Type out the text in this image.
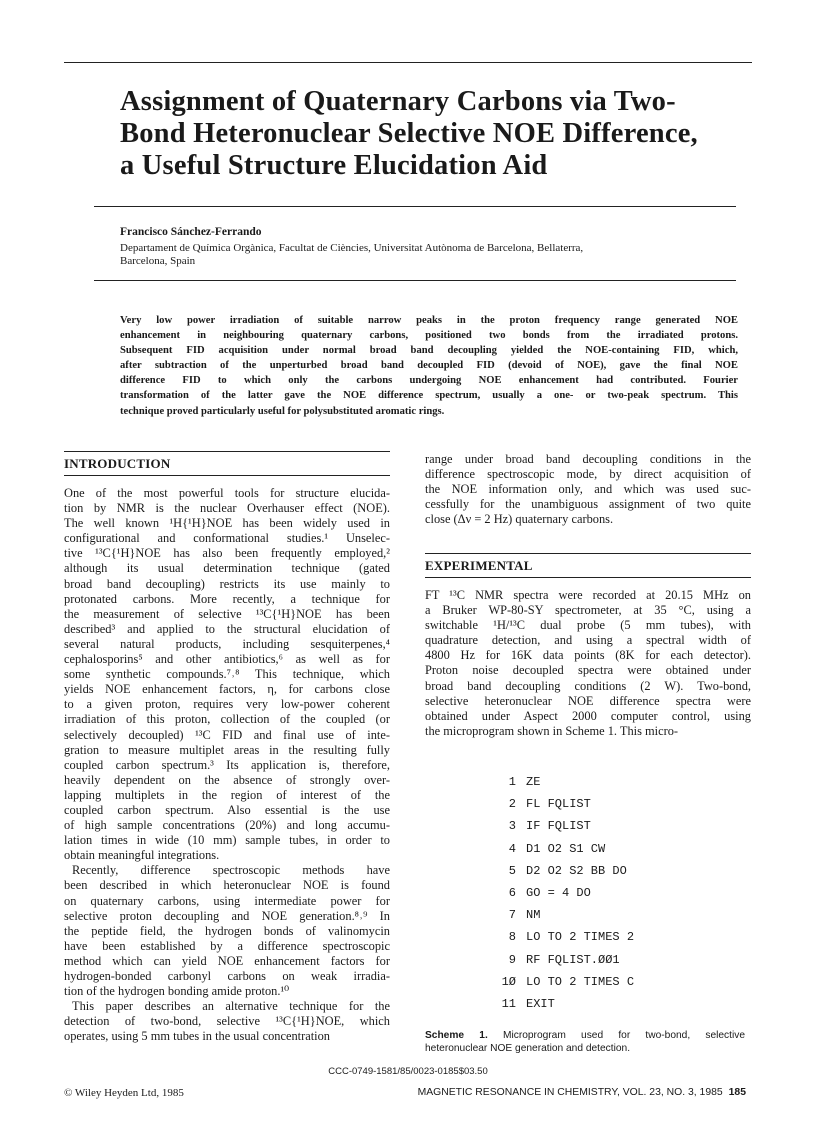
Assignment of Quaternary Carbons via Two-
Bond Heteronuclear Selective NOE Difference,
a Useful Structure Elucidation Aid
Francisco Sánchez-Ferrando
Departament de Química Orgànica, Facultat de Ciències, Universitat Autònoma de Barcelona, Bellaterra,
Barcelona, Spain
Very low power irradiation of suitable narrow peaks in the proton frequency range generated NOE
enhancement in neighbouring quaternary carbons, positioned two bonds from the irradiated protons.
Subsequent FID acquisition under normal broad band decoupling yielded the NOE-containing FID, which,
after subtraction of the unperturbed broad band decoupled FID (devoid of NOE), gave the final NOE
difference FID to which only the carbons undergoing NOE enhancement had contributed. Fourier
transformation of the latter gave the NOE difference spectrum, usually a one- or two-peak spectrum. This
technique proved particularly useful for polysubstituted aromatic rings.
INTRODUCTION
One of the most powerful tools for structure elucida-
tion by NMR is the nuclear Overhauser effect (NOE).
The well known ¹H{¹H}NOE has been widely used in
configurational and conformational studies.¹ Unselec-
tive ¹³C{¹H}NOE has also been frequently employed,²
although its usual determination technique (gated
broad band decoupling) restricts its use mainly to
protonated carbons. More recently, a technique for
the measurement of selective ¹³C{¹H}NOE has been
described³ and applied to the structural elucidation of
several natural products, including sesquiterpenes,⁴
cephalosporins⁵ and other antibiotics,⁶ as well as for
some synthetic compounds.⁷˒⁸ This technique, which
yields NOE enhancement factors, η, for carbons close
to a given proton, requires very low-power coherent
irradiation of this proton, collection of the coupled (or
selectively decoupled) ¹³C FID and final use of inte-
gration to measure multiplet areas in the resulting fully
coupled carbon spectrum.³ Its application is, therefore,
heavily dependent on the absence of strongly over-
lapping multiplets in the region of interest of the
coupled carbon spectrum. Also essential is the use
of high sample concentrations (20%) and long accumu-
lation times in wide (10 mm) sample tubes, in order to
obtain meaningful integrations.
Recently, difference spectroscopic methods have
been described in which heteronuclear NOE is found
on quaternary carbons, using intermediate power for
selective proton decoupling and NOE generation.⁸˒⁹ In
the peptide field, the hydrogen bonds of valinomycin
have been established by a difference spectroscopic
method which can yield NOE enhancement factors for
hydrogen-bonded carbonyl carbons on weak irradia-
tion of the hydrogen bonding amide proton.¹⁰
This paper describes an alternative technique for the
detection of two-bond, selective ¹³C{¹H}NOE, which
operates, using 5 mm tubes in the usual concentration
range under broad band decoupling conditions in the
difference spectroscopic mode, by direct acquisition of
the NOE information only, and which was used suc-
cessfully for the unambiguous assignment of two quite
close (Δν = 2 Hz) quaternary carbons.
EXPERIMENTAL
FT ¹³C NMR spectra were recorded at 20.15 MHz on
a Bruker WP-80-SY spectrometer, at 35 °C, using a
switchable ¹H/¹³C dual probe (5 mm tubes), with
quadrature detection, and using a spectral width of
4800 Hz for 16K data points (8K for each detector).
Proton noise decoupled spectra were obtained under
broad band decoupling conditions (2 W). Two-bond,
selective heteronuclear NOE difference spectra were
obtained under Aspect 2000 computer control, using
the microprogram shown in Scheme 1. This micro-
1 ZE
2 FL FQLIST
3 IF FQLIST
4 D1 O2 S1 CW
5 D2 O2 S2 BB DO
6 GO = 4 DO
7 NM
8 LO TO 2 TIMES 2
9 RF FQLIST.ØØ1
1Ø LO TO 2 TIMES C
11 EXIT
Scheme 1. Microprogram used for two-bond, selective
heteronuclear NOE generation and detection.
CCC-0749-1581/85/0023-0185$03.50
© Wiley Heyden Ltd, 1985	MAGNETIC RESONANCE IN CHEMISTRY, VOL. 23, NO. 3, 1985 185
